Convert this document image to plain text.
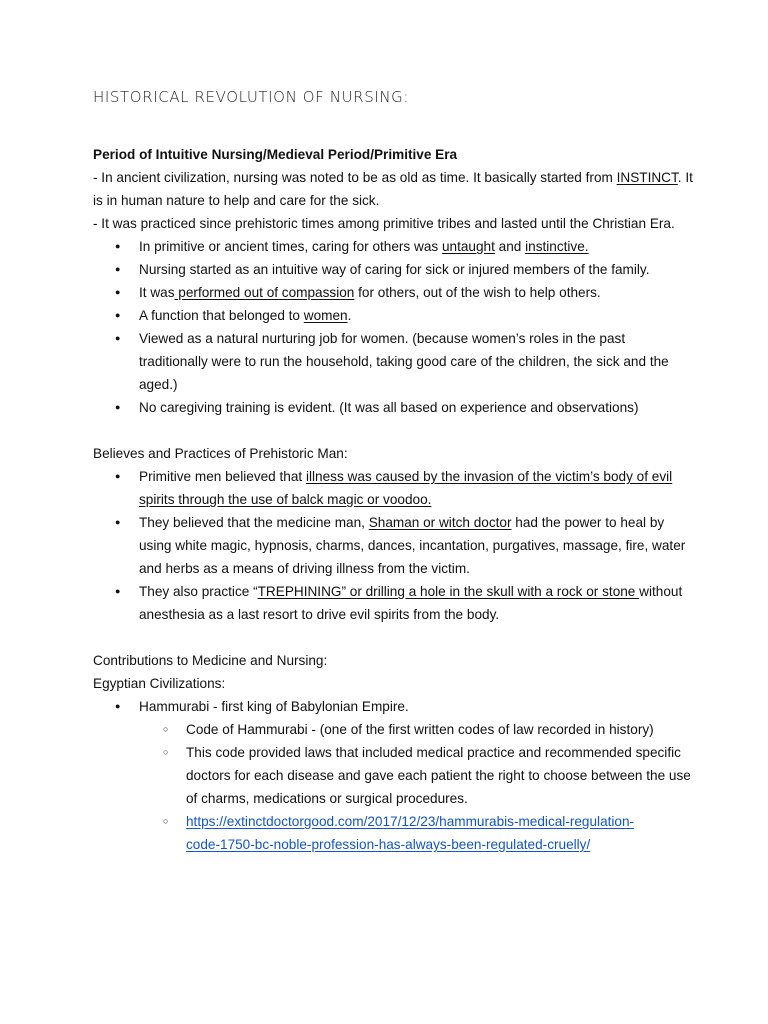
HISTORICAL REVOLUTION OF NURSING:

Period of Intuitive Nursing/Medieval Period/Primitive Era

- In ancient civilization, nursing was noted to be as old as time. It basically started from INSTINCT. It is in human nature to help and care for the sick.

- It was practiced since prehistoric times among primitive tribes and lasted until the Christian Era.

● In primitive or ancient times, caring for others was untaught and instinctive.
● Nursing started as an intuitive way of caring for sick or injured members of the family.
● It was performed out of compassion for others, out of the wish to help others.
● A function that belonged to women.
● Viewed as a natural nurturing job for women. (because women’s roles in the past traditionally were to run the household, taking good care of the children, the sick and the aged.)
● No caregiving training is evident. (It was all based on experience and observations)

Believes and Practices of Prehistoric Man:

● Primitive men believed that illness was caused by the invasion of the victim’s body of evil spirits through the use of balck magic or voodoo.
● They believed that the medicine man, Shaman or witch doctor had the power to heal by using white magic, hypnosis, charms, dances, incantation, purgatives, massage, fire, water and herbs as a means of driving illness from the victim.
● They also practice “TREPHINING” or drilling a hole in the skull with a rock or stone without anesthesia as a last resort to drive evil spirits from the body.

Contributions to Medicine and Nursing:

Egyptian Civilizations:

● Hammurabi - first king of Babylonian Empire.
○ Code of Hammurabi - (one of the first written codes of law recorded in history)
○ This code provided laws that included medical practice and recommended specific doctors for each disease and gave each patient the right to choose between the use of charms, medications or surgical procedures.
○ https://extinctdoctorgood.com/2017/12/23/hammurabis-medical-regulation-
code-1750-bc-noble-profession-has-always-been-regulated-cruelly/
